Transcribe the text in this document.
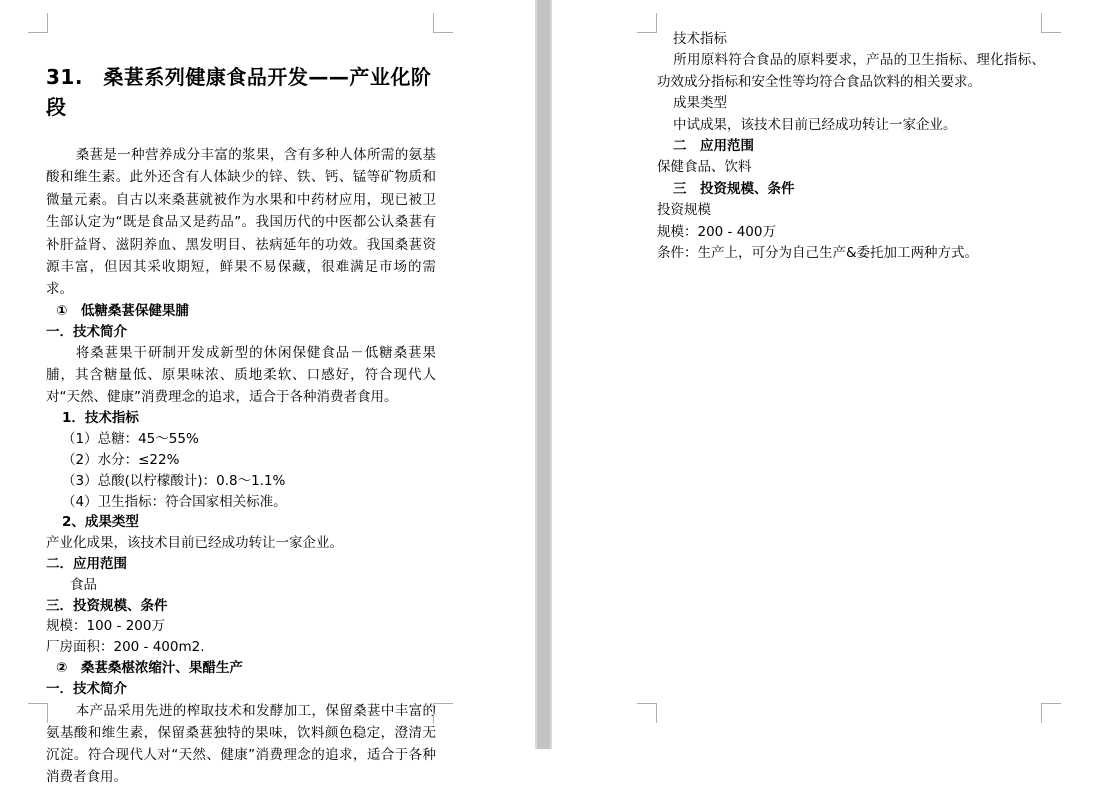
31.　桑葚系列健康食品开发——产业化阶段

桑葚是一种营养成分丰富的浆果，含有多种人体所需的氨基酸和维生素。此外还含有人体缺少的锌、铁、钙、锰等矿物质和微量元素。自古以来桑葚就被作为水果和中药材应用，现已被卫生部认定为“既是食品又是药品”。我国历代的中医都公认桑葚有补肝益肾、滋阴养血、黑发明目、祛病延年的功效。我国桑葚资源丰富，但因其采收期短，鲜果不易保藏，很难满足市场的需求。

①　低糖桑葚保健果脯
一．技术简介

将桑葚果干研制开发成新型的休闲保健食品－低糖桑葚果脯，其含糖量低、原果味浓、质地柔软、口感好，符合现代人对“天然、健康”消费理念的追求，适合于各种消费者食用。

1．技术指标
（1）总糖：45～55%
（2）水分：≤22%
（3）总酸(以柠檬酸计)：0.8～1.1%
（4）卫生指标：符合国家相关标准。
2、成果类型
产业化成果，该技术目前已经成功转让一家企业。
二．应用范围
食品
三．投资规模、条件
规模：100 - 200万
厂房面积：200 - 400m2.
②　桑葚桑椹浓缩汁、果醋生产
一．技术简介

本产品采用先进的榨取技术和发酵加工，保留桑葚中丰富的氨基酸和维生素，保留桑葚独特的果味，饮料颜色稳定，澄清无沉淀。符合现代人对“天然、健康”消费理念的追求，适合于各种消费者食用。

技术指标

所用原料符合食品的原料要求，产品的卫生指标、理化指标、功效成分指标和安全性等均符合食品饮料的相关要求。

成果类型
中试成果，该技术目前已经成功转让一家企业。
二　应用范围
保健食品、饮料
三　投资规模、条件
投资规模
规模：200 - 400万
条件：生产上，可分为自己生产&委托加工两种方式。
